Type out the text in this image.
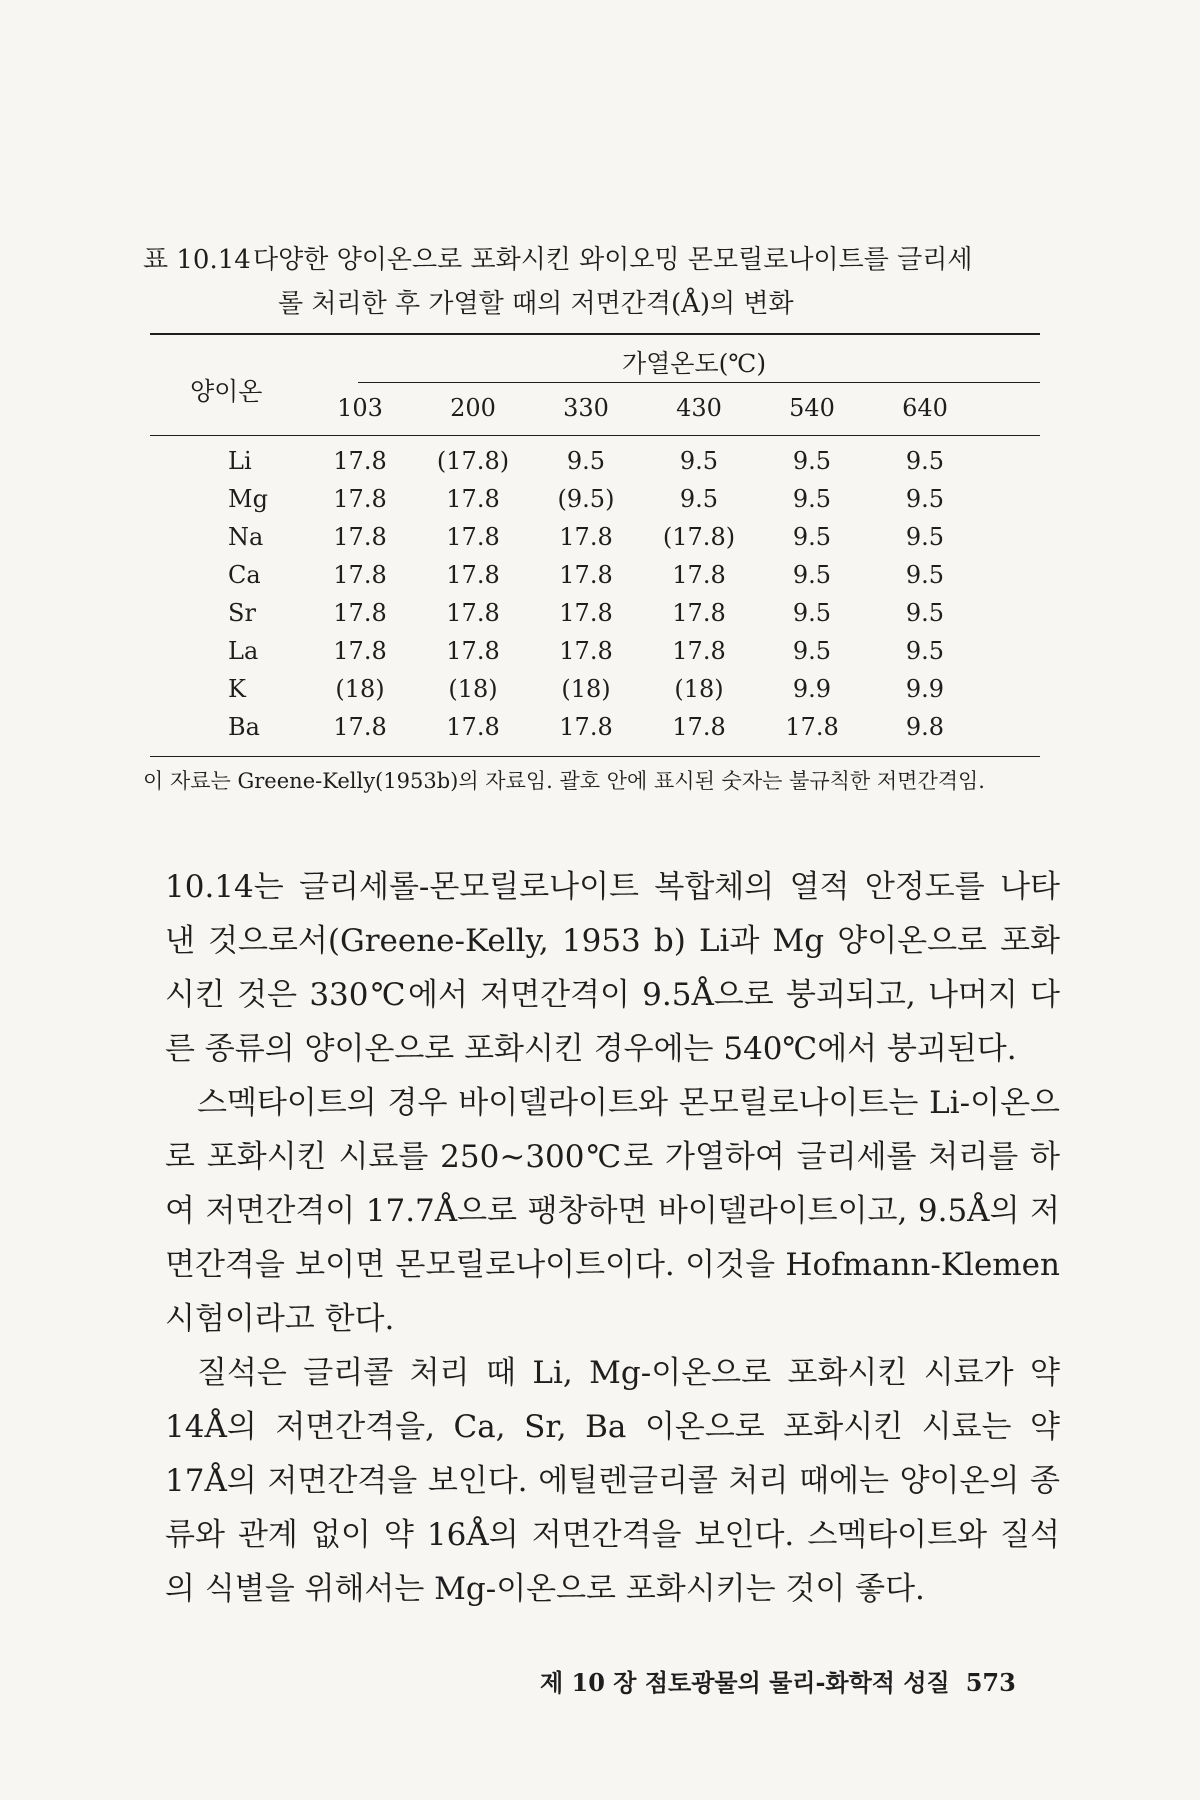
표 10.14다양한 양이온으로 포화시킨 와이오밍 몬모릴로나이트를 글리세
롤 처리한 후 가열할 때의 저면간격(Å)의 변화
양이온
가열온도(℃)
103	200	330	430	540	640
Li	17.8	(17.8)	9.5	9.5	9.5	9.5
Mg	17.8	17.8	(9.5)	9.5	9.5	9.5
Na	17.8	17.8	17.8	(17.8)	9.5	9.5
Ca	17.8	17.8	17.8	17.8	9.5	9.5
Sr	17.8	17.8	17.8	17.8	9.5	9.5
La	17.8	17.8	17.8	17.8	9.5	9.5
K	(18)	(18)	(18)	(18)	9.9	9.9
Ba	17.8	17.8	17.8	17.8	17.8	9.8
이 자료는 Greene-Kelly(1953b)의 자료임. 괄호 안에 표시된 숫자는 불규칙한 저면간격임.

10.14는 글리세롤-몬모릴로나이트 복합체의 열적 안정도를 나타낸 것으로서(Greene-Kelly, 1953 b) Li과 Mg 양이온으로 포화시킨 것은 330℃에서 저면간격이 9.5Å으로 붕괴되고, 나머지 다른 종류의 양이온으로 포화시킨 경우에는 540℃에서 붕괴된다.

스멕타이트의 경우 바이델라이트와 몬모릴로나이트는 Li-이온으로 포화시킨 시료를 250~300℃로 가열하여 글리세롤 처리를 하여 저면간격이 17.7Å으로 팽창하면 바이델라이트이고, 9.5Å의 저면간격을 보이면 몬모릴로나이트이다. 이것을 Hofmann-Klemen 시험이라고 한다.

질석은 글리콜 처리 때 Li, Mg-이온으로 포화시킨 시료가 약 14Å의 저면간격을, Ca, Sr, Ba 이온으로 포화시킨 시료는 약 17Å의 저면간격을 보인다. 에틸렌글리콜 처리 때에는 양이온의 종류와 관계 없이 약 16Å의 저면간격을 보인다. 스멕타이트와 질석의 식별을 위해서는 Mg-이온으로 포화시키는 것이 좋다.

제 10 장 점토광물의 물리-화학적 성질 573
